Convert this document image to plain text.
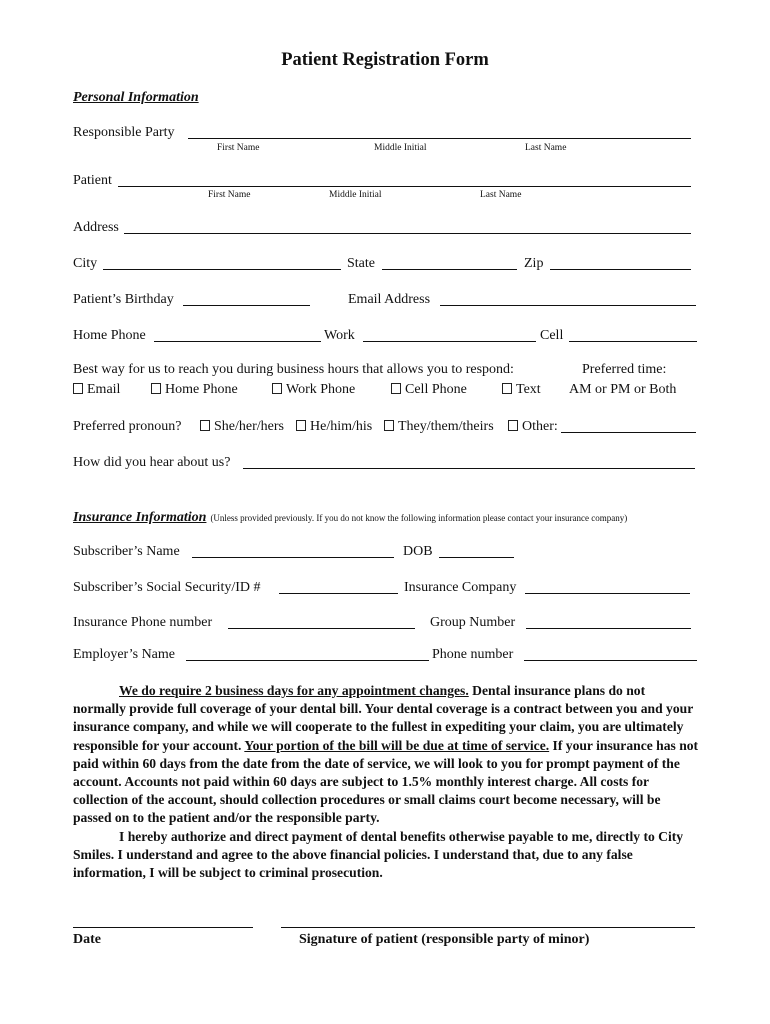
Patient Registration Form
Personal Information
Responsible Party
First Name	Middle Initial	Last Name
Patient
First Name	Middle Initial	Last Name
Address
City	State	Zip
Patient’s Birthday	Email Address
Home Phone	Work	Cell
Best way for us to reach you during business hours that allows you to respond:	Preferred time:
Email	Home Phone	Work Phone	Cell Phone	Text AM or PM or Both
Preferred pronoun?	She/her/hers	He/him/his	They/them/theirs	Other:
How did you hear about us?
Insurance Information (Unless provided previously. If you do not know the following information please contact your insurance company)
Subscriber’s Name	DOB
Subscriber’s Social Security/ID #	Insurance Company
Insurance Phone number	Group Number
Employer’s Name	Phone number

We do require 2 business days for any appointment changes. Dental insurance plans do not normally provide full coverage of your dental bill. Your dental coverage is a contract between you and your insurance company, and while we will cooperate to the fullest in expediting your claim, you are ultimately responsible for your account. Your portion of the bill will be due at time of service. If your insurance has not paid within 60 days from the date from the date of service, we will look to you for prompt payment of the account. Accounts not paid within 60 days are subject to 1.5% monthly interest charge. All costs for collection of the account, should collection procedures or small claims court become necessary, will be passed on to the patient and/or the responsible party.

I hereby authorize and direct payment of dental benefits otherwise payable to me, directly to City Smiles. I understand and agree to the above financial policies. I understand that, due to any false information, I will be subject to criminal prosecution.

Date	Signature of patient (responsible party of minor)
